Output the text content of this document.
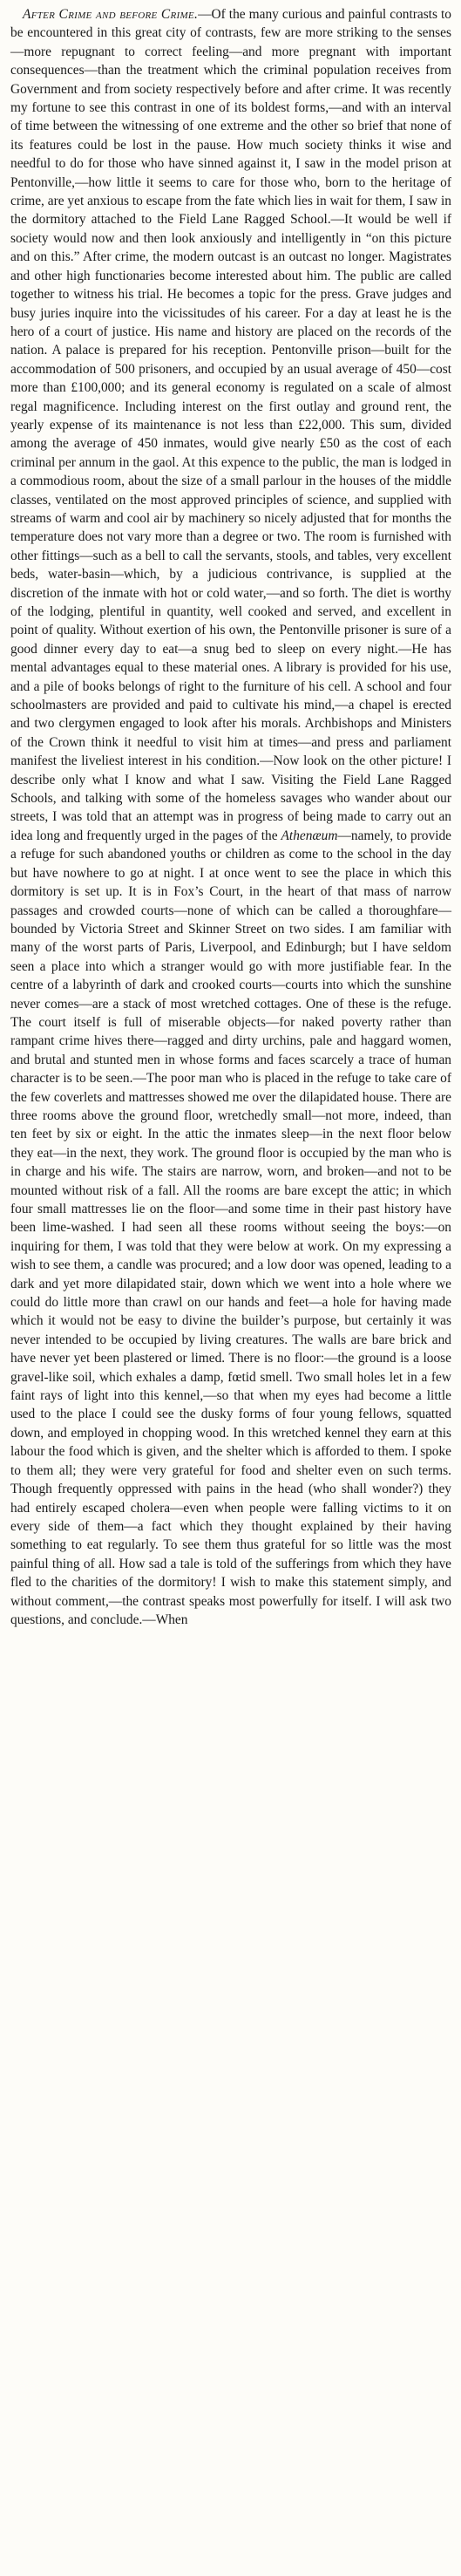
After Crime and before Crime.—Of the many curious and painful contrasts to be encountered in this great city of contrasts, few are more striking to the senses—more repugnant to correct feeling—and more pregnant with important consequences—than the treatment which the criminal population receives from Government and from society respectively before and after crime. It was recently my fortune to see this contrast in one of its boldest forms,—and with an interval of time between the witnessing of one extreme and the other so brief that none of its features could be lost in the pause. How much society thinks it wise and needful to do for those who have sinned against it, I saw in the model prison at Pentonville,—how little it seems to care for those who, born to the heritage of crime, are yet anxious to escape from the fate which lies in wait for them, I saw in the dormitory attached to the Field Lane Ragged School.—It would be well if society would now and then look anxiously and intelligently in “on this picture and on this.” After crime, the modern outcast is an outcast no longer. Magistrates and other high functionaries become interested about him. The public are called together to witness his trial. He becomes a topic for the press. Grave judges and busy juries inquire into the vicissitudes of his career. For a day at least he is the hero of a court of justice. His name and history are placed on the records of the nation. A palace is prepared for his reception. Pentonville prison—built for the accommodation of 500 prisoners, and occupied by an usual average of 450—cost more than £100,000; and its general economy is regulated on a scale of almost regal magnificence. Including interest on the first outlay and ground rent, the yearly expense of its maintenance is not less than £22,000. This sum, divided among the average of 450 inmates, would give nearly £50 as the cost of each criminal per annum in the gaol. At this expence to the public, the man is lodged in a commodious room, about the size of a small parlour in the houses of the middle classes, ventilated on the most approved principles of science, and supplied with streams of warm and cool air by machinery so nicely adjusted that for months the temperature does not vary more than a degree or two. The room is furnished with other fittings—such as a bell to call the servants, stools, and tables, very excellent beds, water-basin—which, by a judicious contrivance, is supplied at the discretion of the inmate with hot or cold water,—and so forth. The diet is worthy of the lodging, plentiful in quantity, well cooked and served, and excellent in point of quality. Without exertion of his own, the Pentonville prisoner is sure of a good dinner every day to eat—a snug bed to sleep on every night.—He has mental advantages equal to these material ones. A library is provided for his use, and a pile of books belongs of right to the furniture of his cell. A school and four schoolmasters are provided and paid to cultivate his mind,—a chapel is erected and two clergymen engaged to look after his morals. Archbishops and Ministers of the Crown think it needful to visit him at times—and press and parliament manifest the liveliest interest in his condition.—Now look on the other picture! I describe only what I know and what I saw. Visiting the Field Lane Ragged Schools, and talking with some of the homeless savages who wander about our streets, I was told that an attempt was in progress of being made to carry out an idea long and frequently urged in the pages of the Athenæum—namely, to provide a refuge for such abandoned youths or children as come to the school in the day but have nowhere to go at night. I at once went to see the place in which this dormitory is set up. It is in Fox’s Court, in the heart of that mass of narrow passages and crowded courts—none of which can be called a thoroughfare—bounded by Victoria Street and Skinner Street on two sides. I am familiar with many of the worst parts of Paris, Liverpool, and Edinburgh; but I have seldom seen a place into which a stranger would go with more justifiable fear. In the centre of a labyrinth of dark and crooked courts—courts into which the sunshine never comes—are a stack of most wretched cottages. One of these is the refuge. The court itself is full of miserable objects—for naked poverty rather than rampant crime hives there—ragged and dirty urchins, pale and haggard women, and brutal and stunted men in whose forms and faces scarcely a trace of human character is to be seen.—The poor man who is placed in the refuge to take care of the few coverlets and mattresses showed me over the dilapidated house. There are three rooms above the ground floor, wretchedly small—not more, indeed, than ten feet by six or eight. In the attic the inmates sleep—in the next floor below they eat—in the next, they work. The ground floor is occupied by the man who is in charge and his wife. The stairs are narrow, worn, and broken—and not to be mounted without risk of a fall. All the rooms are bare except the attic; in which four small mattresses lie on the floor—and some time in their past history have been lime-washed. I had seen all these rooms without seeing the boys:—on inquiring for them, I was told that they were below at work. On my expressing a wish to see them, a candle was procured; and a low door was opened, leading to a dark and yet more dilapidated stair, down which we went into a hole where we could do little more than crawl on our hands and feet—a hole for having made which it would not be easy to divine the builder’s purpose, but certainly it was never intended to be occupied by living creatures. The walls are bare brick and have never yet been plastered or limed. There is no floor:—the ground is a loose gravel-like soil, which exhales a damp, fœtid smell. Two small holes let in a few faint rays of light into this kennel,—so that when my eyes had become a little used to the place I could see the dusky forms of four young fellows, squatted down, and employed in chopping wood. In this wretched kennel they earn at this labour the food which is given, and the shelter which is afforded to them. I spoke to them all; they were very grateful for food and shelter even on such terms. Though frequently oppressed with pains in the head (who shall wonder?) they had entirely escaped cholera—even when people were falling victims to it on every side of them—a fact which they thought explained by their having something to eat regularly. To see them thus grateful for so little was the most painful thing of all. How sad a tale is told of the sufferings from which they have fled to the charities of the dormitory! I wish to make this statement simply, and without comment,—the contrast speaks most powerfully for itself. I will ask two questions, and conclude.—When
